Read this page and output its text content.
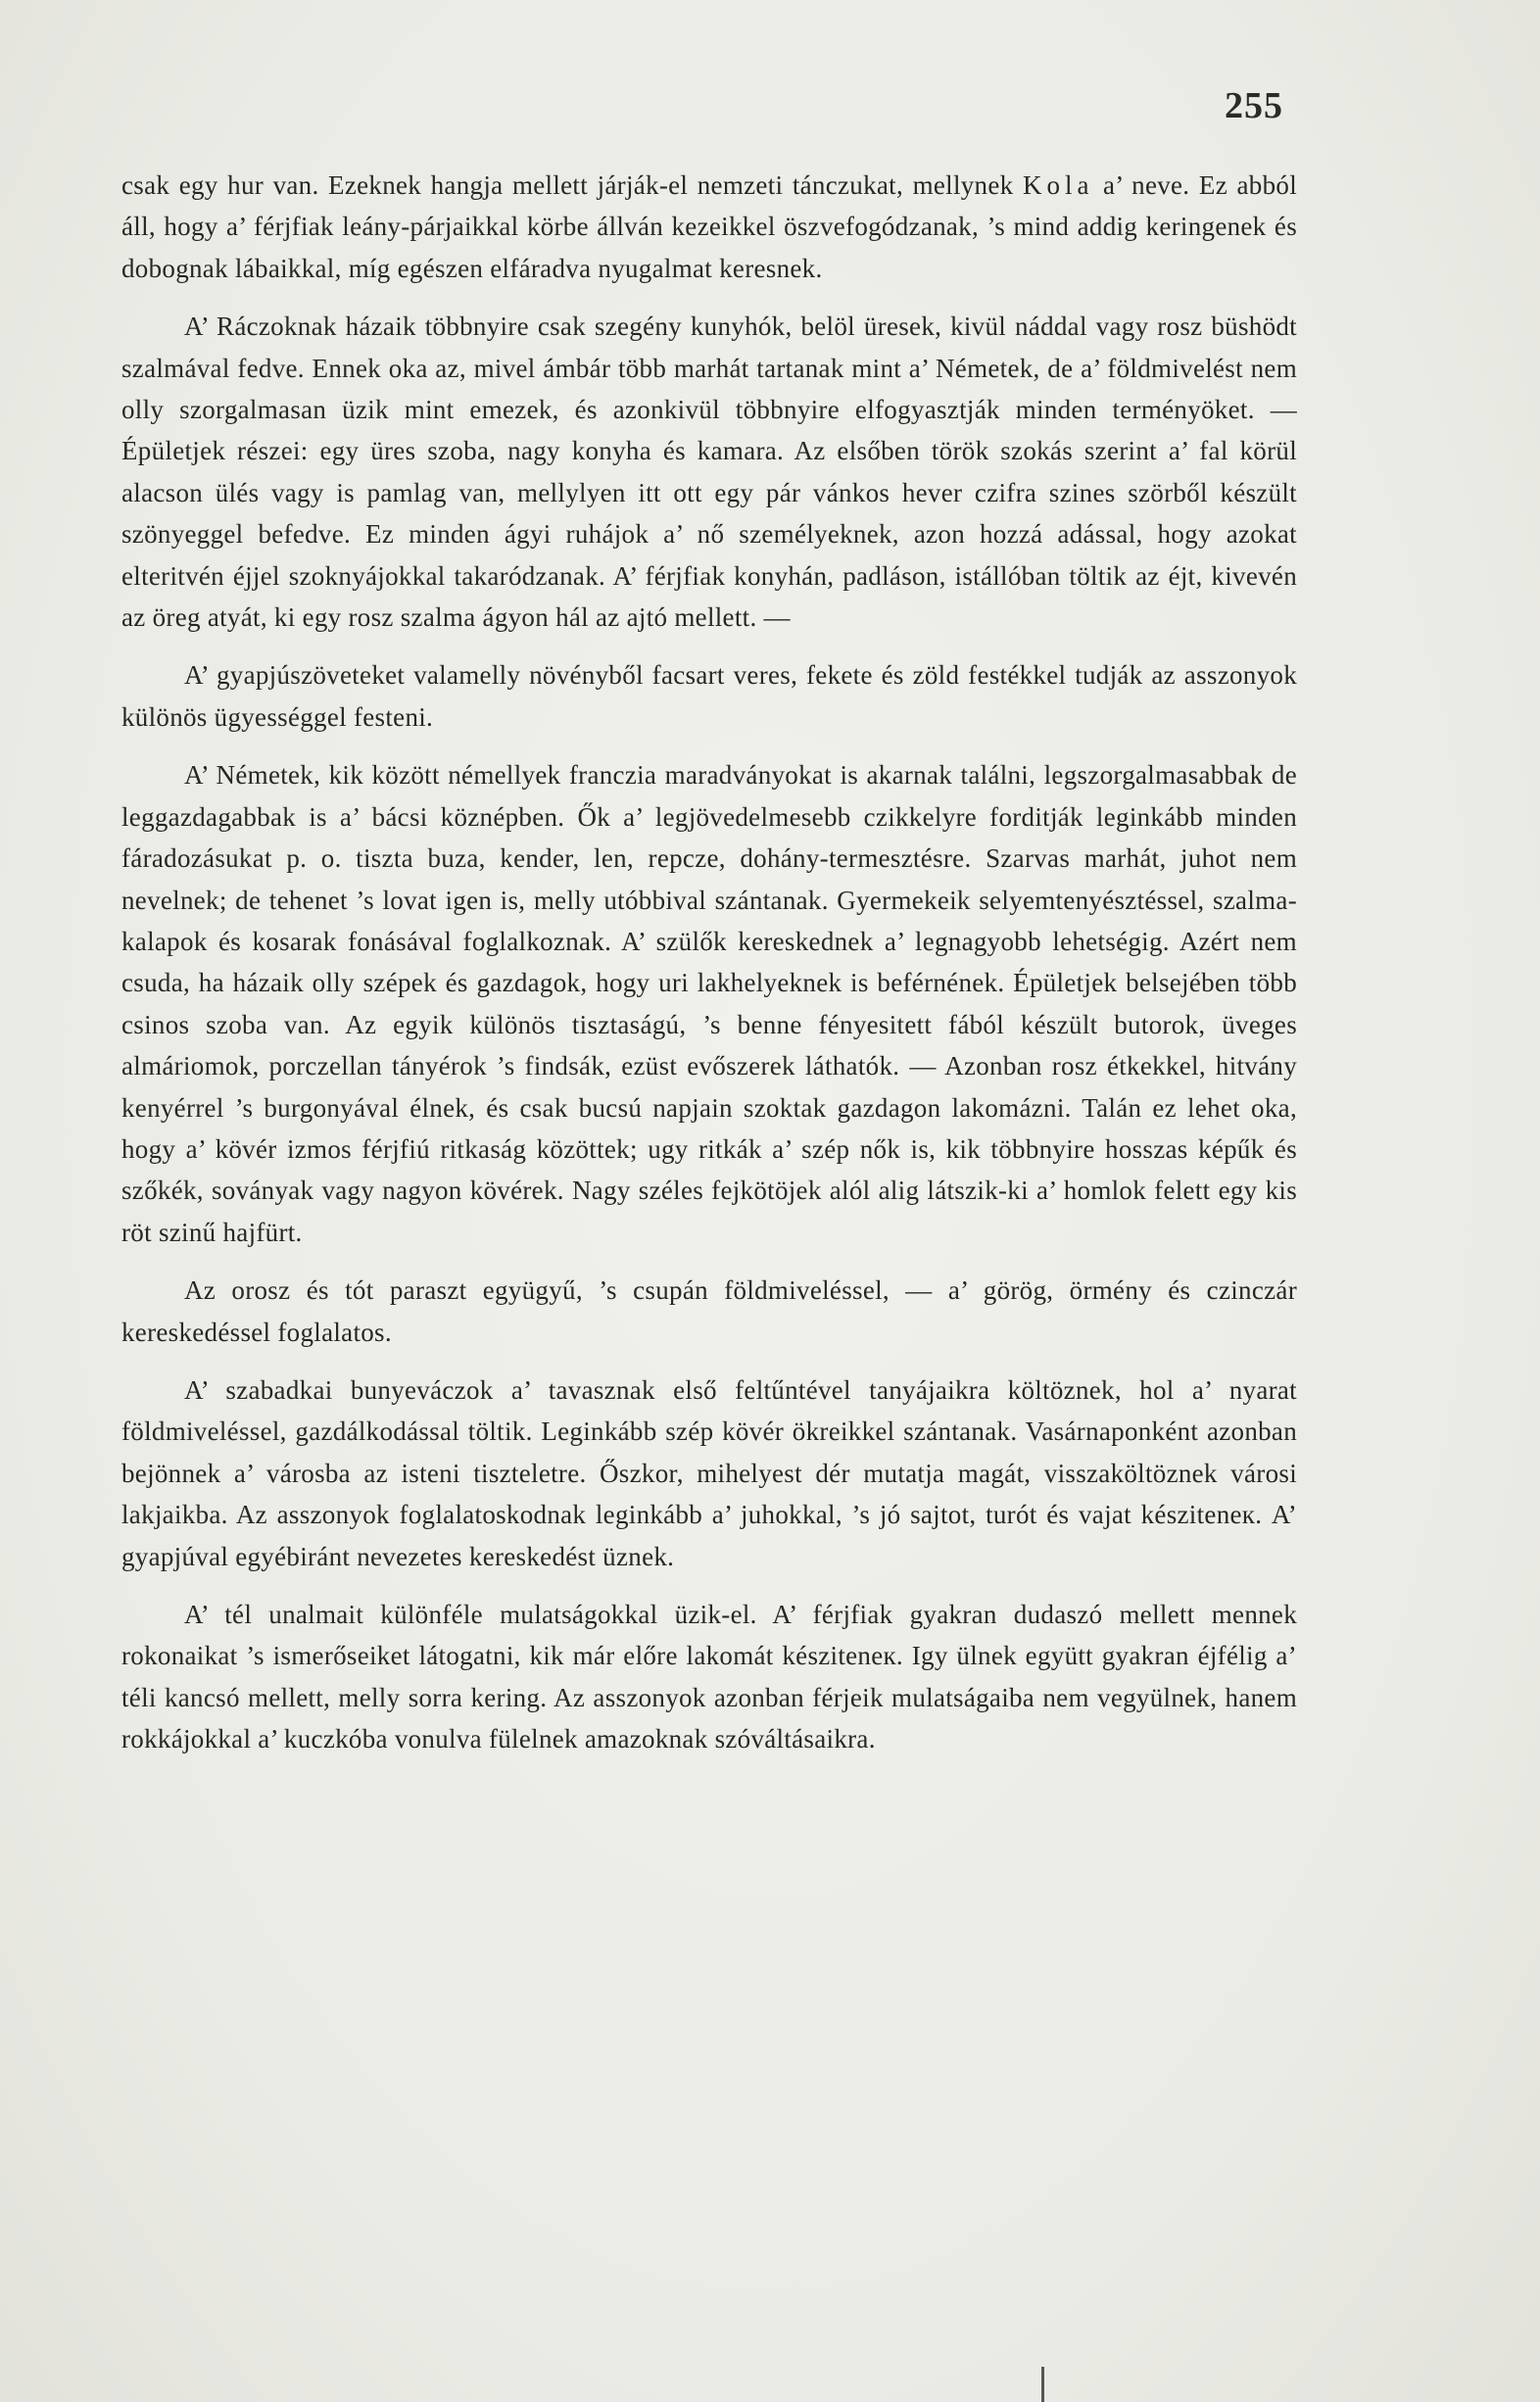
255

csak egy hur van. Ezeknek hangja mellett járják-el nemzeti tánczukat, mellynek Kola a’ neve. Ez abból áll, hogy a’ férjfiak leány-párjaikkal körbe állván kezeikkel öszvefogódzanak, ’s mind addig keringenek és dobognak lábaikkal, míg egészen elfáradva nyugalmat keresnek.

A’ Ráczoknak házaik többnyire csak szegény kunyhók, belöl üresek, kivül náddal vagy rosz büshödt szalmával fedve. Ennek oka az, mivel ámbár több marhát tartanak mint a’ Németek, de a’ földmivelést nem olly szorgalmasan üzik mint emezek, és azonkivül többnyire elfogyasztják minden terményöket. — Épületjek részei: egy üres szoba, nagy konyha és kamara. Az elsőben török szokás szerint a’ fal körül alacson ülés vagy is pamlag van, mellylyen itt ott egy pár vánkos hever czifra szines szörből készült szönyeggel befedve. Ez minden ágyi ruhájok a’ nő személyeknek, azon hozzá adással, hogy azokat elteritvén éjjel szoknyájokkal takaródzanak. A’ férjfiak konyhán, padláson, istállóban töltik az éjt, kivevén az öreg atyát, ki egy rosz szalma ágyon hál az ajtó mellett. —

A’ gyapjúszöveteket valamelly növényből facsart veres, fekete és zöld festékkel tudják az asszonyok különös ügyességgel festeni.

A’ Németek, kik között némellyek franczia maradványokat is akarnak találni, legszorgalmasabbak de leggazdagabbak is a’ bácsi köznépben. Ők a’ legjövedelmesebb czikkelyre forditják leginkább minden fáradozásukat p. o. tiszta buza, kender, len, repcze, dohány-termesztésre. Szarvas marhát, juhot nem nevelnek; de tehenet ’s lovat igen is, melly utóbbival szántanak. Gyermekeik selyemtenyésztéssel, szalma-kalapok és kosarak fonásával foglalkoznak. A’ szülők kereskednek a’ legnagyobb lehetségig. Azért nem csuda, ha házaik olly szépek és gazdagok, hogy uri lakhelyeknek is beférnének. Épületjek belsejében több csinos szoba van. Az egyik különös tisztaságú, ’s benne fényesitett fából készült butorok, üveges almáriomok, porczellan tányérok ’s findsák, ezüst evőszerek láthatók. — Azonban rosz étkekkel, hitvány kenyérrel ’s burgonyával élnek, és csak bucsú napjain szoktak gazdagon lakomázni. Talán ez lehet oka, hogy a’ kövér izmos férjfiú ritkaság közöttek; ugy ritkák a’ szép nők is, kik többnyire hosszas képűk és szőkék, soványak vagy nagyon kövérek. Nagy széles fejkötöjek alól alig látszik-ki a’ homlok felett egy kis röt szinű hajfürt.

Az orosz és tót paraszt együgyű, ’s csupán földmiveléssel, — a’ görög, örmény és czinczár kereskedéssel foglalatos.

A’ szabadkai bunyeváczok a’ tavasznak első feltűntével tanyájaikra költöznek, hol a’ nyarat földmiveléssel, gazdálkodással töltik. Leginkább szép kövér ökreikkel szántanak. Vasárnaponként azonban bejönnek a’ városba az isteni tiszteletre. Őszkor, mihelyest dér mutatja magát, visszaköltöznek városi lakjaikba. Az asszonyok foglalatoskodnak leginkább a’ juhokkal, ’s jó sajtot, turót és vajat késziteneк. A’ gyapjúval egyébiránt nevezetes kereskedést üznek.

A’ tél unalmait különféle mulatságokkal üzik-el. A’ férjfiak gyakran dudaszó mellett mennek rokonaikat ’s ismerőseiket látogatni, kik már előre lakomát késziteneк. Igy ülnek együtt gyakran éjfélig a’ téli kancsó mellett, melly sorra kering. Az asszonyok azonban férjeik mulatságaiba nem vegyülnek, hanem rokkájokkal a’ kuczkóba vonulva fülelnek amazoknak szóváltásaikra.
